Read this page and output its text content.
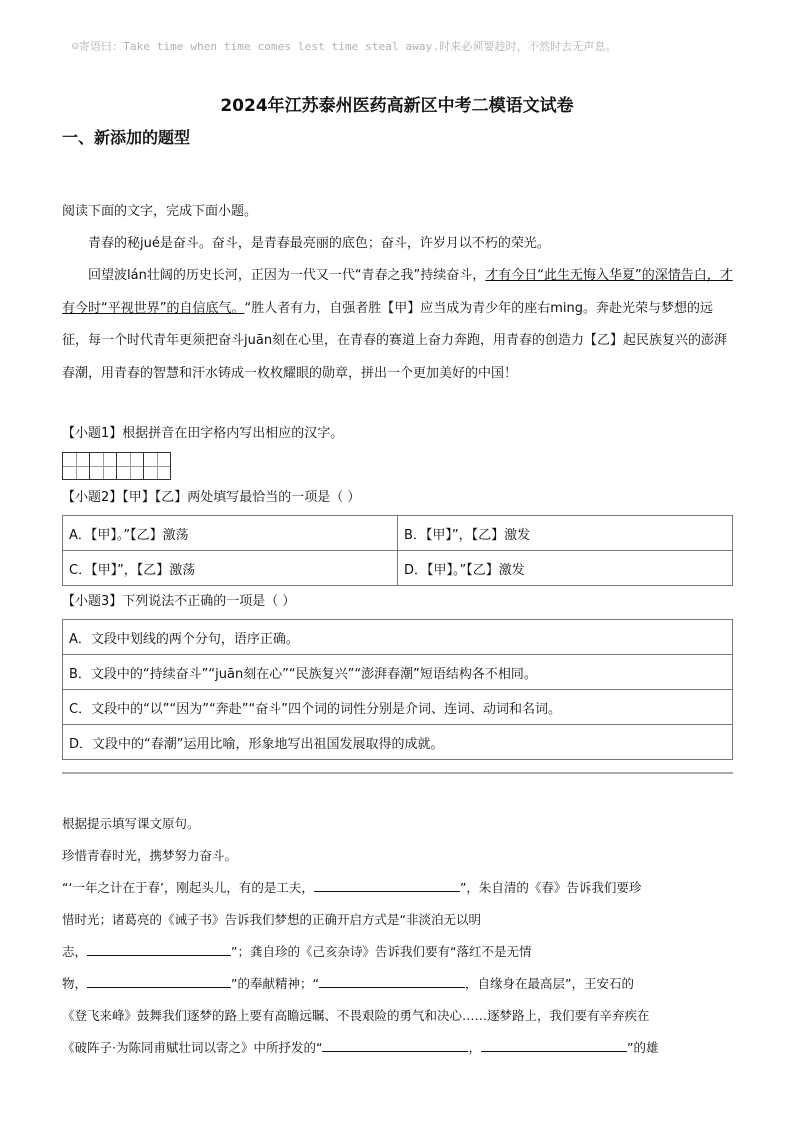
☺寄语曰：Take time when time comes lest time steal away.时来必须要趁时，不然时去无声息。
2024年江苏泰州医药高新区中考二模语文试卷
一、新添加的题型

阅读下面的文字，完成下面小题。

青春的秘jué是奋斗。奋斗，是青春最亮丽的底色；奋斗，许岁月以不朽的荣光。

回望波lán壮阔的历史长河，正因为一代又一代“青春之我”持续奋斗，才有今日“此生无悔入华夏”的深情告白，才有今时“平视世界”的自信底气。“胜人者有力，自强者胜【甲】应当成为青少年的座右ming。奔赴光荣与梦想的远征，每一个时代青年更须把奋斗juān刻在心里，在青春的赛道上奋力奔跑，用青春的创造力【乙】起民族复兴的澎湃春潮，用青春的智慧和汗水铸成一枚枚耀眼的勋章，拼出一个更加美好的中国！

【小题1】根据拼音在田字格内写出相应的汉字。

【小题2】【甲】【乙】两处填写最恰当的一项是（ ）

A．【甲】。”【乙】激荡	B．【甲】”，【乙】激发
C．【甲】”，【乙】激荡	D．【甲】。”【乙】激发

【小题3】下列说法不正确的一项是（ ）

A．文段中划线的两个分句，语序正确。
B．文段中的“持续奋斗”“juān刻在心”“民族复兴”“澎湃春潮”短语结构各不相同。
C．文段中的“以”“因为”“奔赴”“奋斗”四个词的词性分别是介词、连词、动词和名词。
D．文段中的“春潮”运用比喻，形象地写出祖国发展取得的成就。

根据提示填写课文原句。

珍惜青春时光，携梦努力奋斗。

“‘一年之计在于春’，刚起头儿，有的是工夫，	”，朱自清的《春》告诉我们要珍

惜时光；诸葛亮的《诫子书》告诉我们梦想的正确开启方式是“非淡泊无以明

志，	”；龚自珍的《己亥杂诗》告诉我们要有“落红不是无情

物，	”的奉献精神；“	，自缘身在最高层”，王安石的

《登飞来峰》鼓舞我们逐梦的路上要有高瞻远瞩、不畏艰险的勇气和决心……逐梦路上，我们要有辛弃疾在

《破阵子·为陈同甫赋壮词以寄之》中所抒发的“	，	”的雄
